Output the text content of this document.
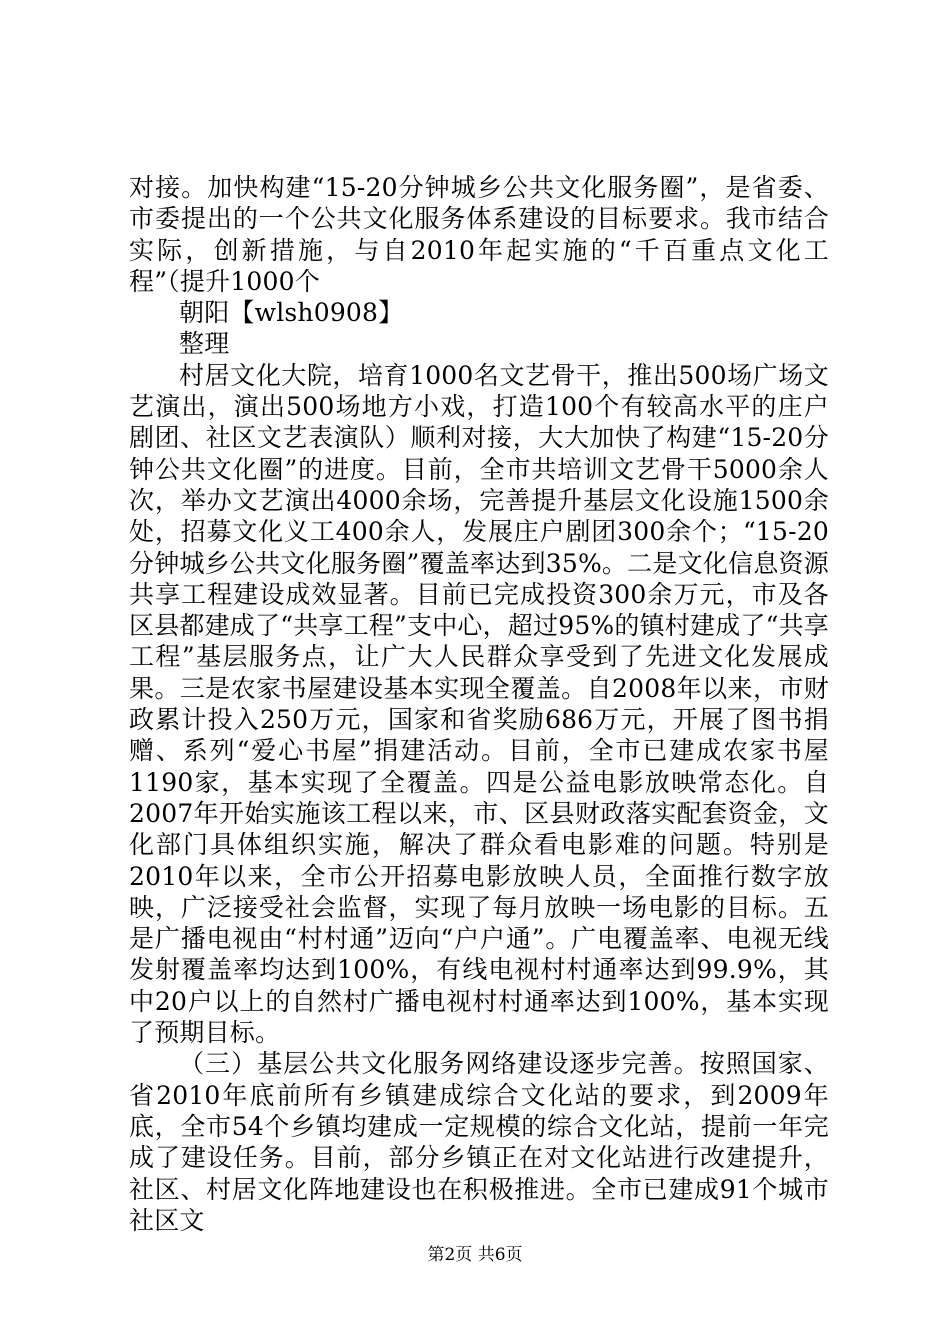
对接。加快构建“15-20分钟城乡公共文化服务圈”，是省委、市委提出的一个公共文化服务体系建设的目标要求。我市结合实际，创新措施，与自2010年起实施的“千百重点文化工程”（提升1000个

朝阳【wlsh0908】

整理

村居文化大院，培育1000名文艺骨干，推出500场广场文艺演出，演出500场地方小戏，打造100个有较高水平的庄户剧团、社区文艺表演队）顺利对接，大大加快了构建“15-20分钟公共文化圈”的进度。目前，全市共培训文艺骨干5000余人次，举办文艺演出4000余场，完善提升基层文化设施1500余处，招募文化义工400余人，发展庄户剧团300余个；“15-20分钟城乡公共文化服务圈”覆盖率达到35%。二是文化信息资源共享工程建设成效显著。目前已完成投资300余万元，市及各区县都建成了“共享工程”支中心，超过95%的镇村建成了“共享工程”基层服务点，让广大人民群众享受到了先进文化发展成果。三是农家书屋建设基本实现全覆盖。自2008年以来，市财政累计投入250万元，国家和省奖励686万元，开展了图书捐赠、系列“爱心书屋”捐建活动。目前，全市已建成农家书屋1190家，基本实现了全覆盖。四是公益电影放映常态化。自2007年开始实施该工程以来，市、区县财政落实配套资金，文化部门具体组织实施，解决了群众看电影难的问题。特别是2010年以来，全市公开招募电影放映人员，全面推行数字放映，广泛接受社会监督，实现了每月放映一场电影的目标。五是广播电视由“村村通”迈向“户户通”。广电覆盖率、电视无线发射覆盖率均达到100%，有线电视村村通率达到99.9%，其中20户以上的自然村广播电视村村通率达到100%，基本实现了预期目标。

（三）基层公共文化服务网络建设逐步完善。按照国家、省2010年底前所有乡镇建成综合文化站的要求，到2009年底，全市54个乡镇均建成一定规模的综合文化站，提前一年完成了建设任务。目前，部分乡镇正在对文化站进行改建提升，社区、村居文化阵地建设也在积极推进。全市已建成91个城市社区文

第2页 共6页
